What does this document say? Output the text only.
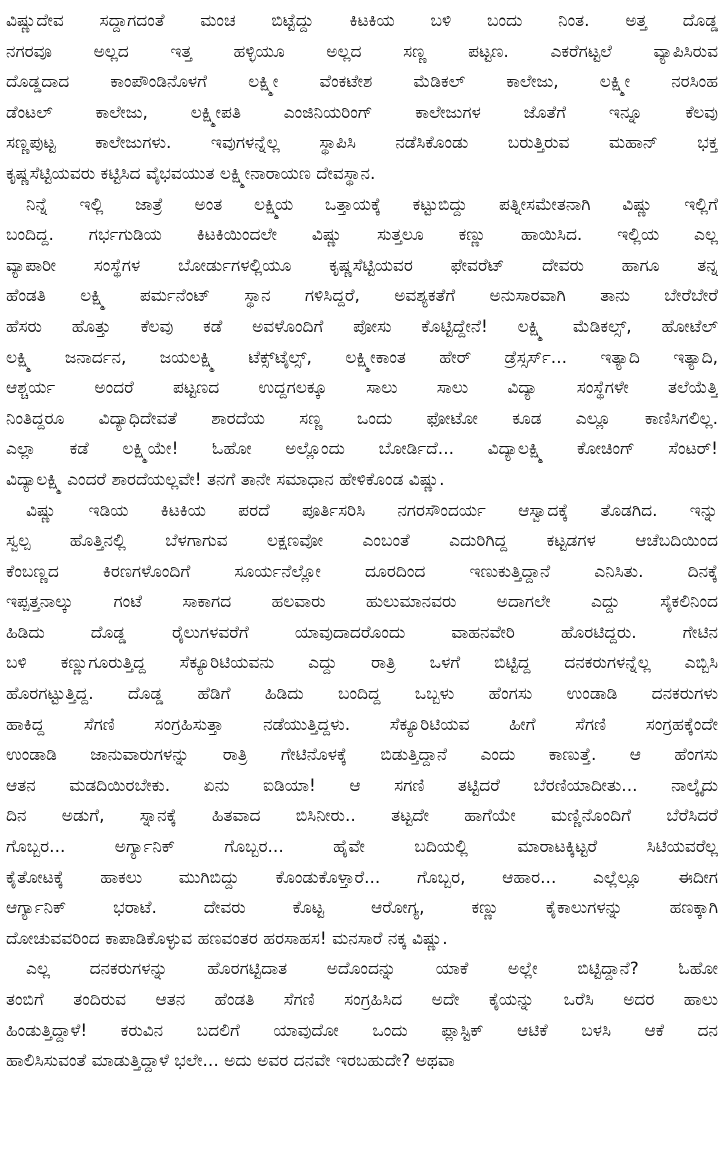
ವಿಷ್ಣುದೇವ ಸದ್ದಾಗದಂತೆ ಮಂಚ ಬಿಟ್ಟೆದ್ದು ಕಿಟಕಿಯ ಬಳಿ ಬಂದು ನಿಂತ. ಅತ್ತ ದೊಡ್ಡ
ನಗರವೂ ಅಲ್ಲದ ಇತ್ತ ಹಳ್ಳಿಯೂ ಅಲ್ಲದ ಸಣ್ಣ ಪಟ್ಟಣ. ಎಕರೆಗಟ್ಟಲೆ ವ್ಯಾಪಿಸಿರುವ
ದೊಡ್ಡದಾದ ಕಾಂಪೌಂಡಿನೊಳಗೆ ಲಕ್ಷ್ಮೀ ವೆಂಕಟೇಶ ಮೆಡಿಕಲ್ ಕಾಲೇಜು, ಲಕ್ಷ್ಮೀ ನರಸಿಂಹ
ಡೆಂಟಲ್ ಕಾಲೇಜು, ಲಕ್ಷ್ಮೀಪತಿ ಎಂಜಿನಿಯರಿಂಗ್ ಕಾಲೇಜುಗಳ ಜೊತೆಗೆ ಇನ್ನೂ ಕೆಲವು
ಸಣ್ಣಪುಟ್ಟ ಕಾಲೇಜುಗಳು. ಇವುಗಳನ್ನೆಲ್ಲ ಸ್ಥಾಪಿಸಿ ನಡೆಸಿಕೊಂಡು ಬರುತ್ತಿರುವ ಮಹಾನ್ ಭಕ್ತ
ಕೃಷ್ಣಸೆಟ್ಟಿಯವರು ಕಟ್ಟಿಸಿದ ವೈಭವಯುತ ಲಕ್ಷ್ಮೀನಾರಾಯಣ ದೇವಸ್ಥಾನ.
ನಿನ್ನೆ ಇಲ್ಲಿ ಜಾತ್ರೆ ಅಂತ ಲಕ್ಷ್ಮಿಯ ಒತ್ತಾಯಕ್ಕೆ ಕಟ್ಟುಬಿದ್ದು ಪತ್ನೀಸಮೇತನಾಗಿ ವಿಷ್ಣು ಇಲ್ಲಿಗೆ
ಬಂದಿದ್ದ. ಗರ್ಭಗುಡಿಯ ಕಿಟಕಿಯಿಂದಲೇ ವಿಷ್ಣು ಸುತ್ತಲೂ ಕಣ್ಣು ಹಾಯಿಸಿದ. ಇಲ್ಲಿಯ ಎಲ್ಲ
ವ್ಯಾಪಾರೀ ಸಂಸ್ಥೆಗಳ ಬೋರ್ಡುಗಳಲ್ಲಿಯೂ ಕೃಷ್ಣಸೆಟ್ಟಿಯವರ ಫೇವರೆಟ್ ದೇವರು ಹಾಗೂ ತನ್ನ
ಹೆಂಡತಿ ಲಕ್ಷ್ಮಿ ಪರ್ಮನೆಂಟ್ ಸ್ಥಾನ ಗಳಿಸಿದ್ದರೆ, ಅವಶ್ಯಕತೆಗೆ ಅನುಸಾರವಾಗಿ ತಾನು ಬೇರೆಬೇರೆ
ಹೆಸರು ಹೊತ್ತು ಕೆಲವು ಕಡೆ ಅವಳೊಂದಿಗೆ ಪೋಸು ಕೊಟ್ಟಿದ್ದೇನೆ! ಲಕ್ಷ್ಮಿ ಮೆಡಿಕಲ್ಸ್, ಹೋಟೆಲ್
ಲಕ್ಷ್ಮಿ ಜನಾರ್ದನ, ಜಯಲಕ್ಷ್ಮಿ ಟೆಕ್ಸ್‌ಟೈಲ್ಸ್, ಲಕ್ಷ್ಮೀಕಾಂತ ಹೇರ್ ಡ್ರೆಸ್ಸರ್ಸ್... ಇತ್ಯಾದಿ ಇತ್ಯಾದಿ,
ಆಶ್ಚರ್ಯ ಅಂದರೆ ಪಟ್ಟಣದ ಉದ್ದಗಲಕ್ಕೂ ಸಾಲು ಸಾಲು ವಿದ್ಯಾ ಸಂಸ್ಥೆಗಳೇ ತಲೆಯೆತ್ತಿ
ನಿಂತಿದ್ದರೂ ವಿದ್ಯಾಧಿದೇವತೆ ಶಾರದೆಯ ಸಣ್ಣ ಒಂದು ಫೋಟೋ ಕೂಡ ಎಲ್ಲೂ ಕಾಣಿಸಿಗಲಿಲ್ಲ.
ಎಲ್ಲಾ ಕಡೆ ಲಕ್ಷ್ಮಿಯೇ! ಓಹೋ ಅಲ್ಲೊಂದು ಬೋರ್ಡಿದೆ... ವಿದ್ಯಾಲಕ್ಷ್ಮಿ ಕೋಚಿಂಗ್ ಸೆಂಟರ್!
ವಿದ್ಯಾಲಕ್ಷ್ಮಿ ಎಂದರೆ ಶಾರದೆಯಲ್ಲವೇ! ತನಗೆ ತಾನೇ ಸಮಾಧಾನ ಹೇಳಿಕೊಂಡ ವಿಷ್ಣು.
ವಿಷ್ಣು ಇಡಿಯ ಕಿಟಕಿಯ ಪರದೆ ಪೂರ್ತಿಸರಿಸಿ ನಗರಸೌಂದರ್ಯ ಆಸ್ವಾದಕ್ಕೆ ತೊಡಗಿದ. ಇನ್ನು
ಸ್ವಲ್ಪ ಹೊತ್ತಿನಲ್ಲಿ ಬೆಳಗಾಗುವ ಲಕ್ಷಣವೋ ಎಂಬಂತೆ ಎದುರಿಗಿದ್ದ ಕಟ್ಟಡಗಳ ಆಚೆಬದಿಯಿಂದ
ಕೆಂಬಣ್ಣದ ಕಿರಣಗಳೊಂದಿಗೆ ಸೂರ್ಯನೆಲ್ಲೋ ದೂರದಿಂದ ಇಣುಕುತ್ತಿದ್ದಾನೆ ಎನಿಸಿತು. ದಿನಕ್ಕೆ
ಇಪ್ಪತ್ತನಾಲ್ಕು ಗಂಟೆ ಸಾಕಾಗದ ಹಲವಾರು ಹುಲುಮಾನವರು ಅದಾಗಲೇ ಎದ್ದು ಸೈಕಲಿನಿಂದ
ಹಿಡಿದು ದೊಡ್ಡ ರೈಲುಗಳವರೆಗೆ ಯಾವುದಾದರೊಂದು ವಾಹನವೇರಿ ಹೊರಟಿದ್ದರು. ಗೇಟಿನ
ಬಳಿ ಕಣ್ಣುಗೂರುತ್ತಿದ್ದ ಸೆಕ್ಯೂರಿಟಿಯವನು ಎದ್ದು ರಾತ್ರಿ ಒಳಗೆ ಬಿಟ್ಟಿದ್ದ ದನಕರುಗಳನ್ನೆಲ್ಲ ಎಬ್ಬಿಸಿ
ಹೊರಗಟ್ಟುತ್ತಿದ್ದ. ದೊಡ್ಡ ಹೆಡಿಗೆ ಹಿಡಿದು ಬಂದಿದ್ದ ಒಬ್ಬಳು ಹೆಂಗಸು ಉಂಡಾಡಿ ದನಕರುಗಳು
ಹಾಕಿದ್ದ ಸೆಗಣಿ ಸಂಗ್ರಹಿಸುತ್ತಾ ನಡೆಯುತ್ತಿದ್ದಳು. ಸೆಕ್ಯೂರಿಟಿಯವ ಹೀಗೆ ಸೆಗಣಿ ಸಂಗ್ರಹಕ್ಕೆಂದೇ
ಉಂಡಾಡಿ ಜಾನುವಾರುಗಳನ್ನು ರಾತ್ರಿ ಗೇಟಿನೊಳಕ್ಕೆ ಬಿಡುತ್ತಿದ್ದಾನೆ ಎಂದು ಕಾಣುತ್ತೆ. ಆ ಹೆಂಗಸು
ಆತನ ಮಡದಿಯಿರಬೇಕು. ಏನು ಐಡಿಯಾ! ಆ ಸಗಣಿ ತಟ್ಟಿದರೆ ಬೆರಣಿಯಾದೀತು... ನಾಲ್ಕೈದು
ದಿನ ಅಡುಗೆ, ಸ್ನಾನಕ್ಕೆ ಹಿತವಾದ ಬಿಸಿನೀರು.. ತಟ್ಟದೇ ಹಾಗೆಯೇ ಮಣ್ಣಿನೊಂದಿಗೆ ಬೆರೆಸಿದರೆ
ಗೊಬ್ಬರ... ಅರ್ಗ್ಯಾನಿಕ್ ಗೊಬ್ಬರ... ಹೈವೇ ಬದಿಯಲ್ಲಿ ಮಾರಾಟಕ್ಕಿಟ್ಟರೆ ಸಿಟಿಯವರೆಲ್ಲ
ಕೈತೋಟಕ್ಕೆ ಹಾಕಲು ಮುಗಿಬಿದ್ದು ಕೊಂಡುಕೊಳ್ತಾರೆ... ಗೊಬ್ಬರ, ಆಹಾರ... ಎಲ್ಲೆಲ್ಲೂ ಈದೀಗ
ಆರ್ಗ್ಯಾನಿಕ್ ಭರಾಟೆ. ದೇವರು ಕೊಟ್ಟ ಆರೋಗ್ಯ, ಕಣ್ಣು ಕೈಕಾಲುಗಳನ್ನು ಹಣಕ್ಕಾಗಿ
ದೋಚುವವರಿಂದ ಕಾಪಾಡಿಕೊಳ್ಳುವ ಹಣವಂತರ ಹರಸಾಹಸ! ಮನಸಾರೆ ನಕ್ಕ ವಿಷ್ಣು.
ಎಲ್ಲ ದನಕರುಗಳನ್ನು ಹೊರಗಟ್ಟಿದಾತ ಅದೊಂದನ್ನು ಯಾಕೆ ಅಲ್ಲೇ ಬಿಟ್ಟಿದ್ದಾನೆ? ಓಹೋ
ತಂಬಿಗೆ ತಂದಿರುವ ಆತನ ಹೆಂಡತಿ ಸೆಗಣಿ ಸಂಗ್ರಹಿಸಿದ ಅದೇ ಕೈಯನ್ನು ಒರೆಸಿ ಅದರ ಹಾಲು
ಹಿಂಡುತ್ತಿದ್ದಾಳೆ! ಕರುವಿನ ಬದಲಿಗೆ ಯಾವುದೋ ಒಂದು ಪ್ಲಾಸ್ಟಿಕ್ ಆಟಿಕೆ ಬಳಸಿ ಆಕೆ ದನ
ಹಾಲಿಸಿಸುವಂತೆ ಮಾಡುತ್ತಿದ್ದಾಳೆ ಭಲೇ... ಅದು ಅವರ ದನವೇ ಇರಬಹುದೇ? ಅಥವಾ
